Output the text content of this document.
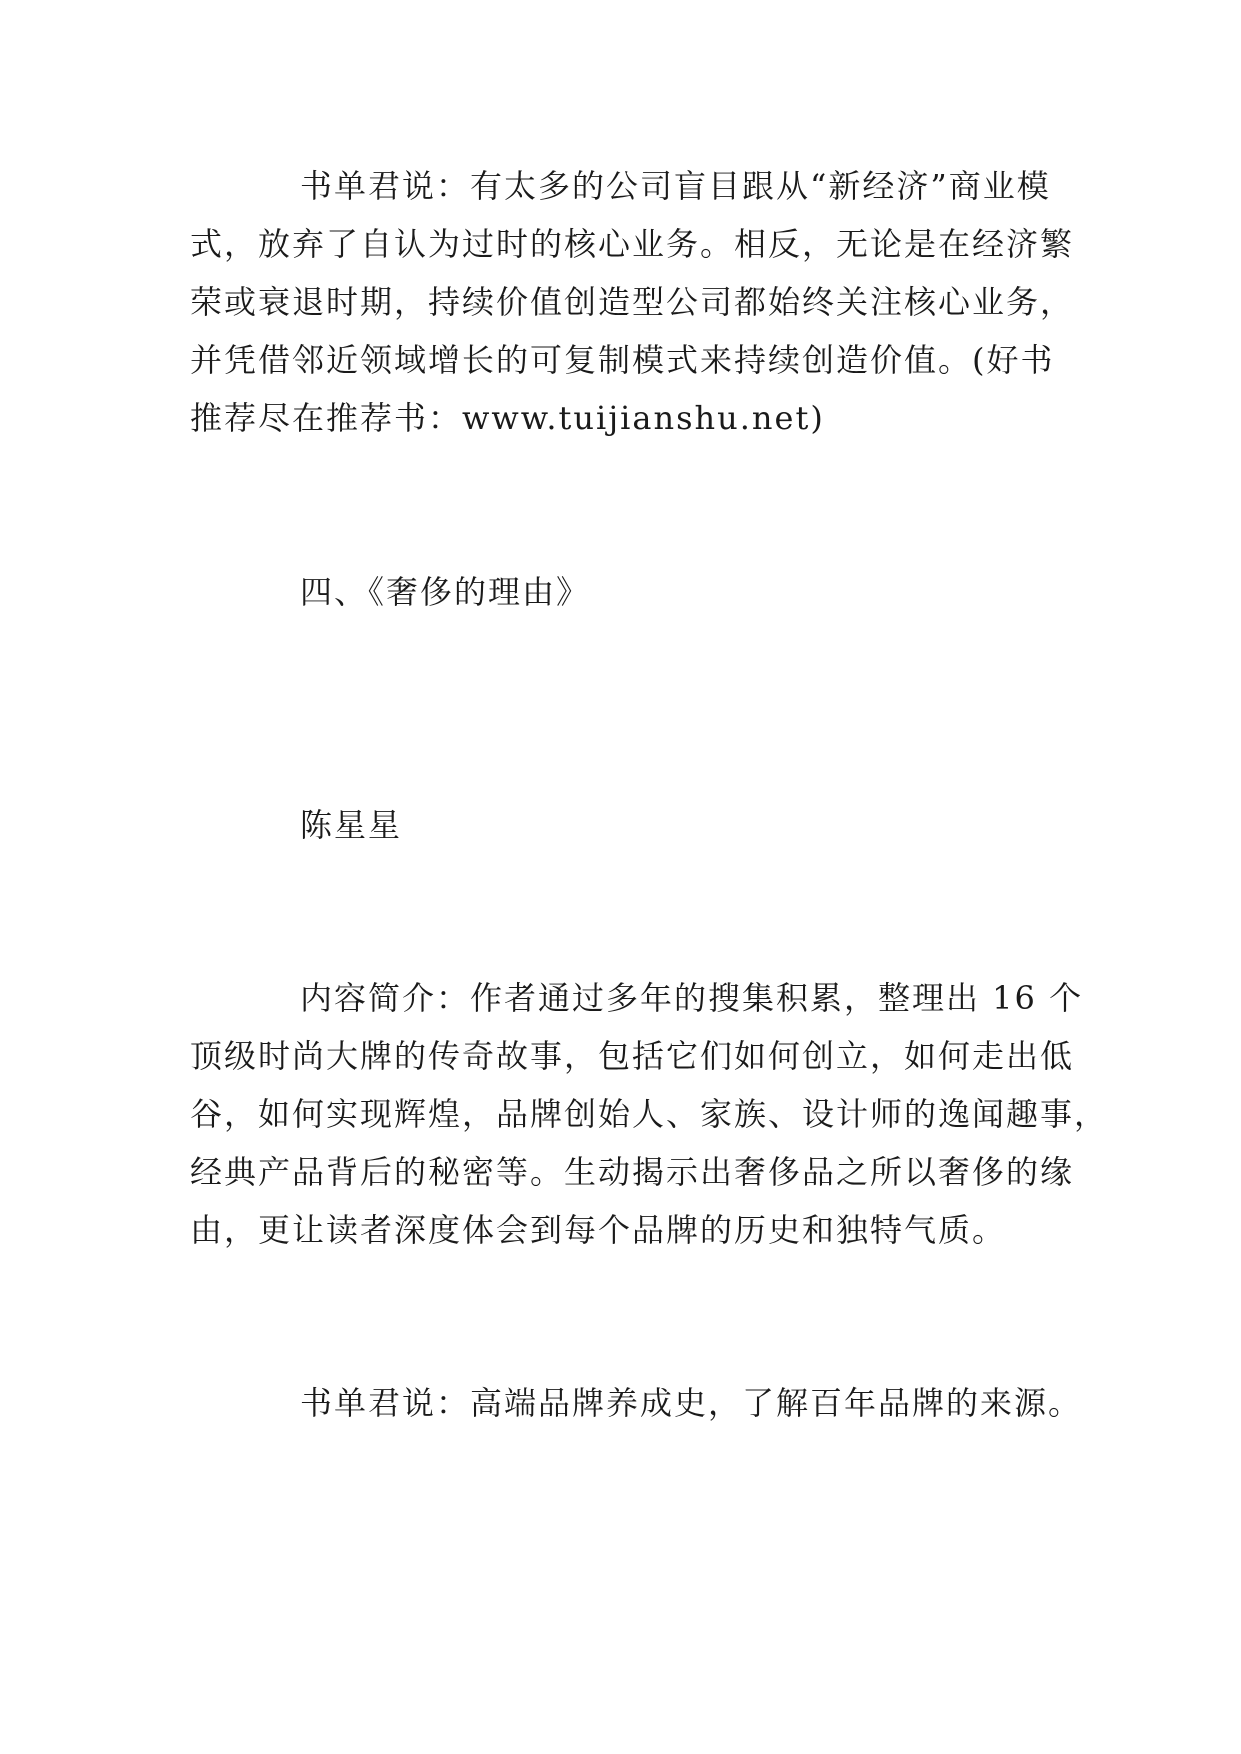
书单君说：有太多的公司盲目跟从“新经济”商业模
式，放弃了自认为过时的核心业务。相反，无论是在经济繁
荣或衰退时期，持续价值创造型公司都始终关注核心业务，
并凭借邻近领域增长的可复制模式来持续创造价值。(好书
推荐尽在推荐书：www.tuijianshu.net)
四、《奢侈的理由》
陈星星
内容简介：作者通过多年的搜集积累，整理出 16 个
顶级时尚大牌的传奇故事，包括它们如何创立，如何走出低
谷，如何实现辉煌，品牌创始人、家族、设计师的逸闻趣事，
经典产品背后的秘密等。生动揭示出奢侈品之所以奢侈的缘
由，更让读者深度体会到每个品牌的历史和独特气质。
书单君说：高端品牌养成史，了解百年品牌的来源。
